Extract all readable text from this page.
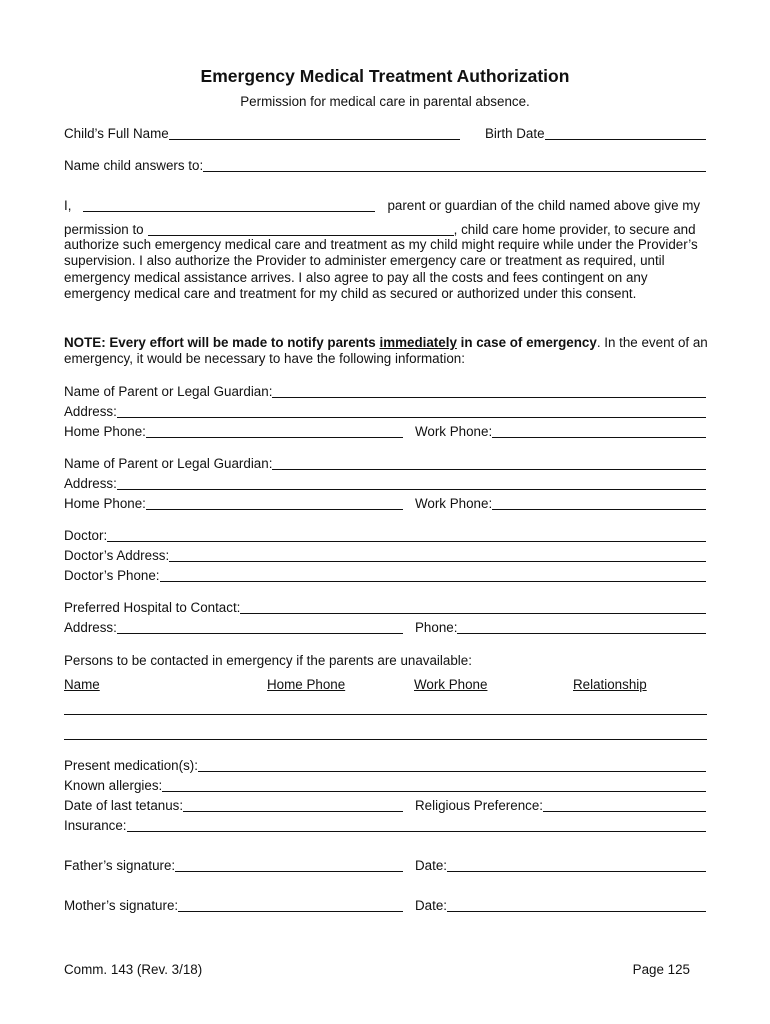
Emergency Medical Treatment Authorization
Permission for medical care in parental absence.
Child’s Full Name	Birth Date
Name child answers to:
I,	parent or guardian of the child named above give my
permission to	, child care home provider, to secure and
authorize such emergency medical care and treatment as my child might require while under the Provider’s supervision. I also authorize the Provider to administer emergency care or treatment as required, until emergency medical assistance arrives. I also agree to pay all the costs and fees contingent on any emergency medical care and treatment for my child as secured or authorized under this consent.
NOTE: Every effort will be made to notify parents immediately in case of emergency. In the event of an emergency, it would be necessary to have the following information:
Name of Parent or Legal Guardian:
Address:
Home Phone:	Work Phone:
Name of Parent or Legal Guardian:
Address:
Home Phone:	Work Phone:
Doctor:
Doctor’s Address:
Doctor’s Phone:
Preferred Hospital to Contact:
Address:	Phone:
Persons to be contacted in emergency if the parents are unavailable:
Name	Home Phone	Work Phone	Relationship
Present medication(s):
Known allergies:
Date of last tetanus:	Religious Preference:
Insurance:
Father’s signature:	Date:
Mother’s signature:	Date:
Comm. 143 (Rev. 3/18)	Page 125
